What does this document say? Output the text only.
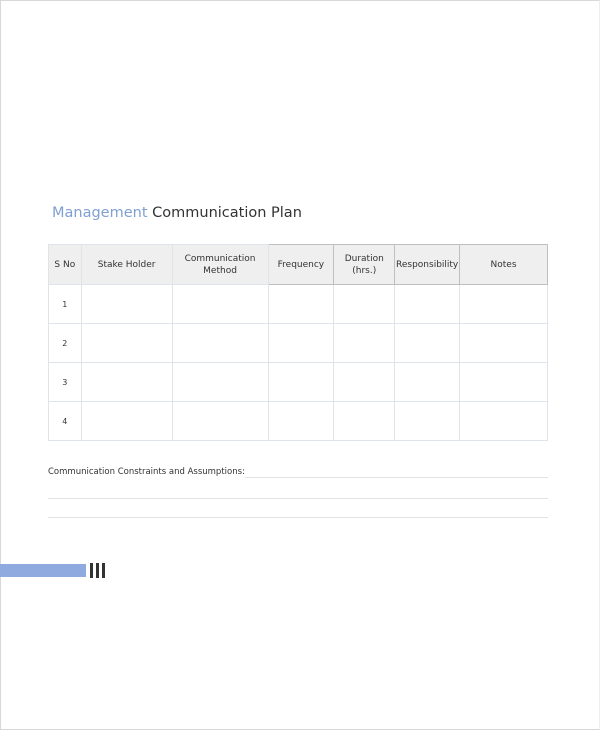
Management Communication Plan
S No	Stake Holder	Communication Method	Frequency	Duration (hrs.)	Responsibility	Notes
1						
2						
3						
4						
Communication Constraints and Assumptions:
